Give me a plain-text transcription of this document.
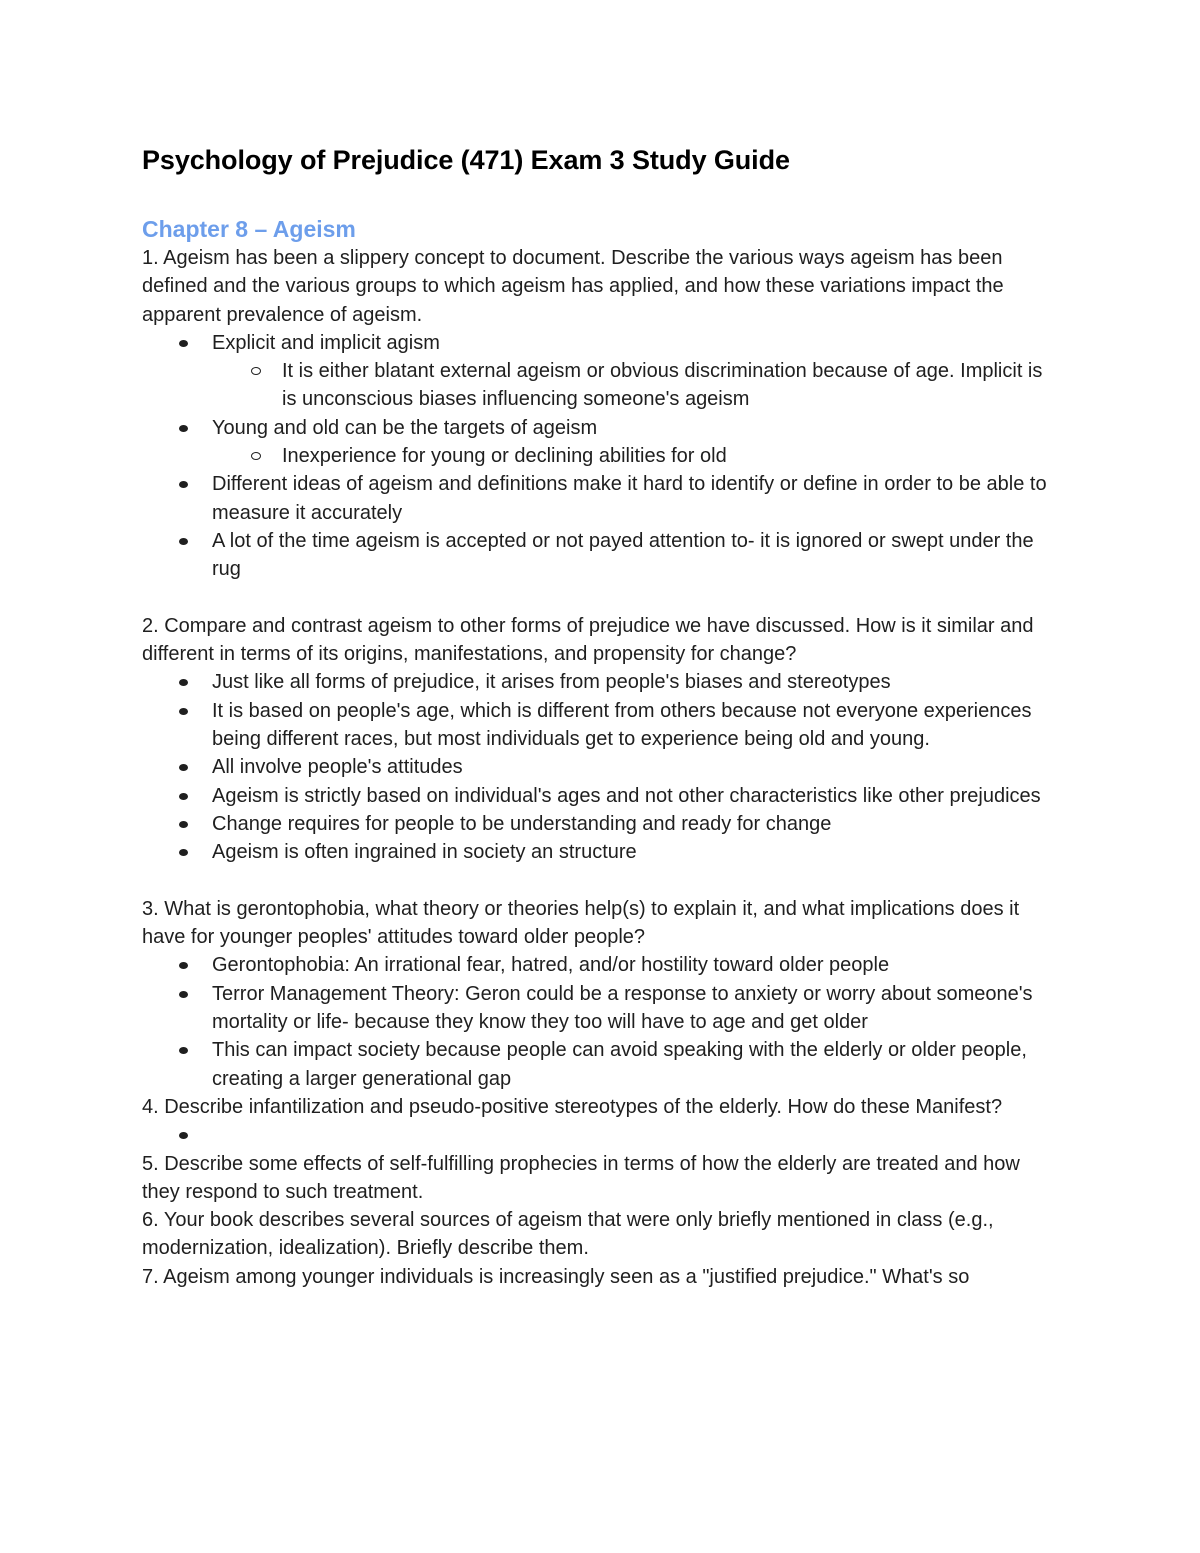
Psychology of Prejudice (471) Exam 3 Study Guide
Chapter 8 – Ageism

1. Ageism has been a slippery concept to document. Describe the various ways ageism has been defined and the various groups to which ageism has applied, and how these variations impact the apparent prevalence of ageism.

Explicit and implicit agism
It is either blatant external ageism or obvious discrimination because of age. Implicit is is unconscious biases influencing someone's ageism
Young and old can be the targets of ageism
Inexperience for young or declining abilities for old
Different ideas of ageism and definitions make it hard to identify or define in order to be able to measure it accurately
A lot of the time ageism is accepted or not payed attention to- it is ignored or swept under the rug

2. Compare and contrast ageism to other forms of prejudice we have discussed. How is it similar and different in terms of its origins, manifestations, and propensity for change?

Just like all forms of prejudice, it arises from people's biases and stereotypes
It is based on people's age, which is different from others because not everyone experiences being different races, but most individuals get to experience being old and young.
All involve people's attitudes
Ageism is strictly based on individual's ages and not other characteristics like other prejudices
Change requires for people to be understanding and ready for change
Ageism is often ingrained in society an structure

3. What is gerontophobia, what theory or theories help(s) to explain it, and what implications does it have for younger peoples' attitudes toward older people?

Gerontophobia: An irrational fear, hatred, and/or hostility toward older people
Terror Management Theory: Geron could be a response to anxiety or worry about someone's mortality or life- because they know they too will have to age and get older
This can impact society because people can avoid speaking with the elderly or older people, creating a larger generational gap

4. Describe infantilization and pseudo-positive stereotypes of the elderly. How do these Manifest?

5. Describe some effects of self-fulfilling prophecies in terms of how the elderly are treated and how they respond to such treatment.

6. Your book describes several sources of ageism that were only briefly mentioned in class (e.g.,
modernization, idealization). Briefly describe them.

7. Ageism among younger individuals is increasingly seen as a "justified prejudice." What's so
